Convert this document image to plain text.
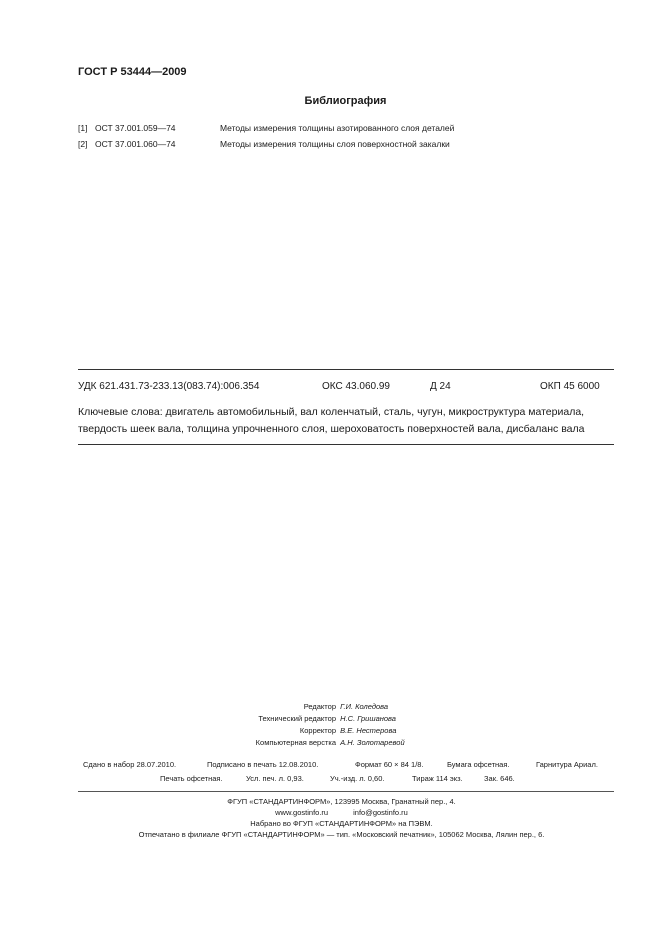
ГОСТ Р 53444—2009
Библиография
[1] ОСТ 37.001.059—74	Методы измерения толщины азотированного слоя деталей
[2] ОСТ 37.001.060—74	Методы измерения толщины слоя поверхностной закалки
УДК 621.431.73-233.13(083.74):006.354	ОКС 43.060.99	Д 24	ОКП 45 6000
Ключевые слова: двигатель автомобильный, вал коленчатый, сталь, чугун, микроструктура материала,
твердость шеек вала, толщина упрочненного слоя, шероховатость поверхностей вала, дисбаланс вала
Редактор Г.И. Коледова
Технический редактор Н.С. Гришанова
Корректор В.Е. Нестерова
Компьютерная верстка А.Н. Золотаревой
Сдано в набор 28.07.2010.	Подписано в печать 12.08.2010.	Формат 60 × 84 1/8.	Бумага офсетная.	Гарнитура Ариал.
Печать офсетная.	Усл. печ. л. 0,93.	Уч.-изд. л. 0,60.	Тираж 114 экз.	Зак. 646.
ФГУП «СТАНДАРТИНФОРМ», 123995 Москва, Гранатный пер., 4.
www.gostinfo.ru	info@gostinfo.ru
Набрано во ФГУП «СТАНДАРТИНФОРМ» на ПЭВМ.
Отпечатано в филиале ФГУП «СТАНДАРТИНФОРМ» — тип. «Московский печатник», 105062 Москва, Лялин пер., 6.
